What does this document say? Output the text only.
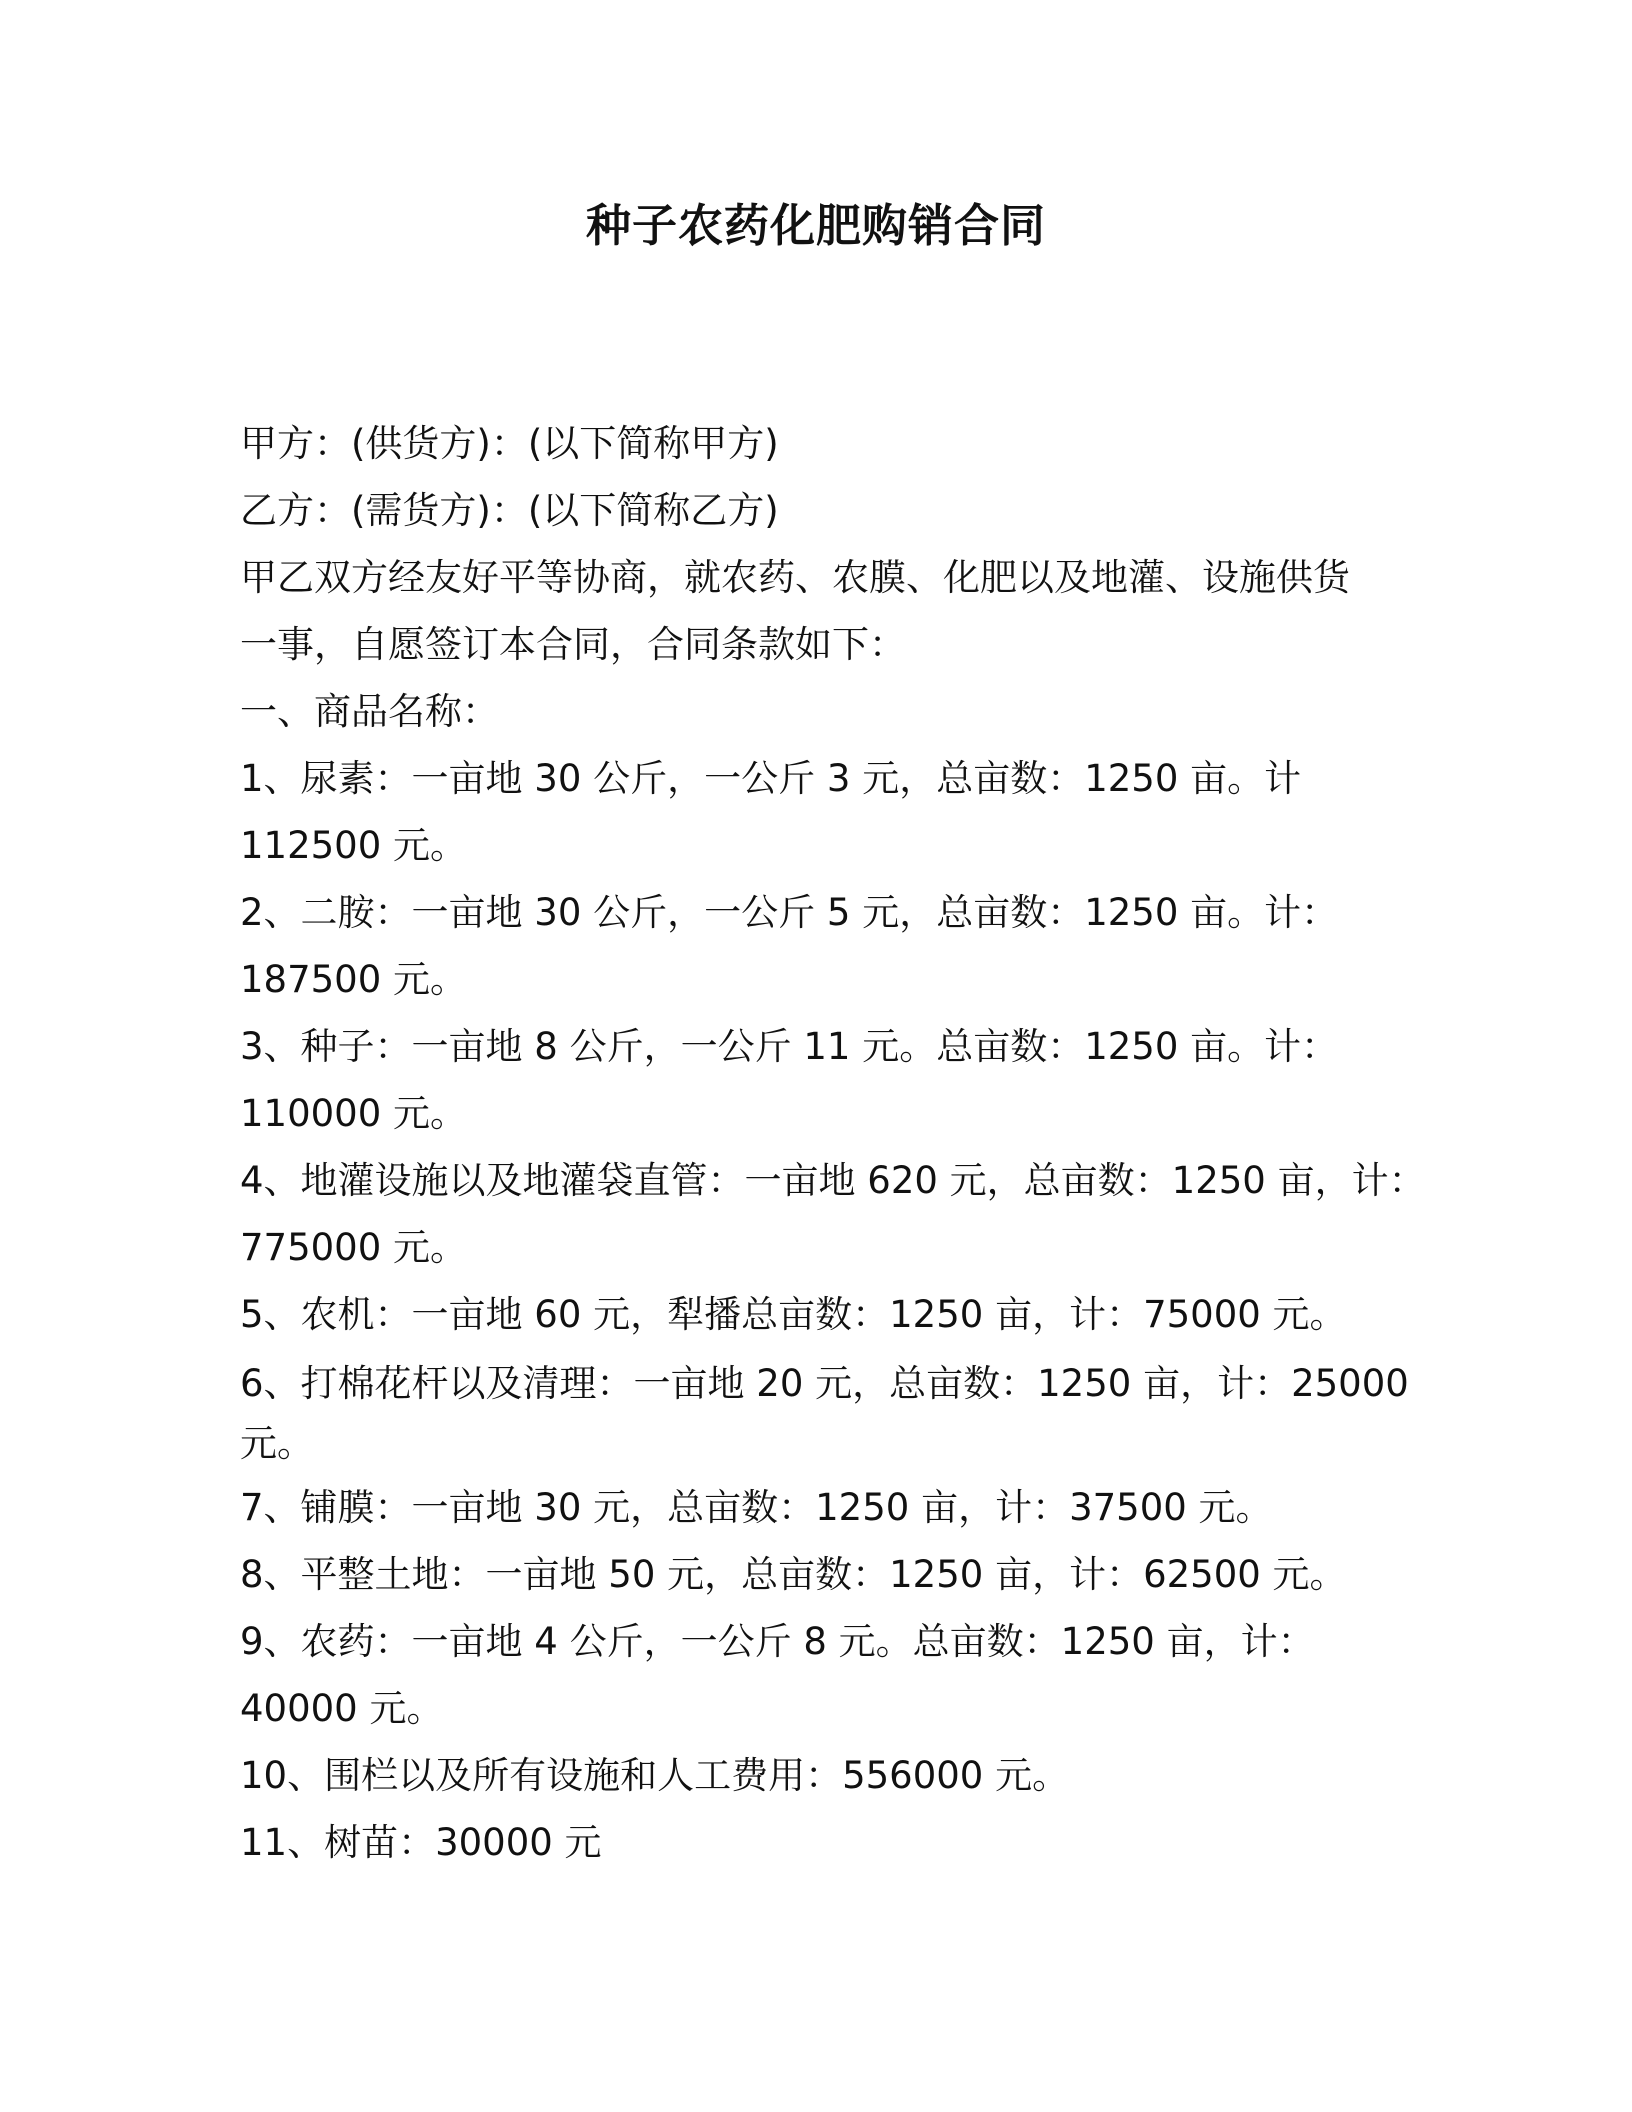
种子农药化肥购销合同
甲方：(供货方)：(以下简称甲方)
乙方：(需货方)：(以下简称乙方)
甲乙双方经友好平等协商，就农药、农膜、化肥以及地灌、设施供货
一事，自愿签订本合同，合同条款如下：
一、商品名称：
1、尿素：一亩地 30 公斤，一公斤 3 元，总亩数：1250 亩。计
112500 元。
2、二胺：一亩地 30 公斤，一公斤 5 元，总亩数：1250 亩。计：
187500 元。
3、种子：一亩地 8 公斤，一公斤 11 元。总亩数：1250 亩。计：
110000 元。
4、地灌设施以及地灌袋直管：一亩地 620 元，总亩数：1250 亩，计：
775000 元。
5、农机：一亩地 60 元，犁播总亩数：1250 亩，计：75000 元。
6、打棉花杆以及清理：一亩地 20 元，总亩数：1250 亩，计：25000
元。
7、铺膜：一亩地 30 元，总亩数：1250 亩，计：37500 元。
8、平整土地：一亩地 50 元，总亩数：1250 亩，计：62500 元。
9、农药：一亩地 4 公斤，一公斤 8 元。总亩数：1250 亩，计：
40000 元。
10、围栏以及所有设施和人工费用：556000 元。
11、树苗：30000 元
